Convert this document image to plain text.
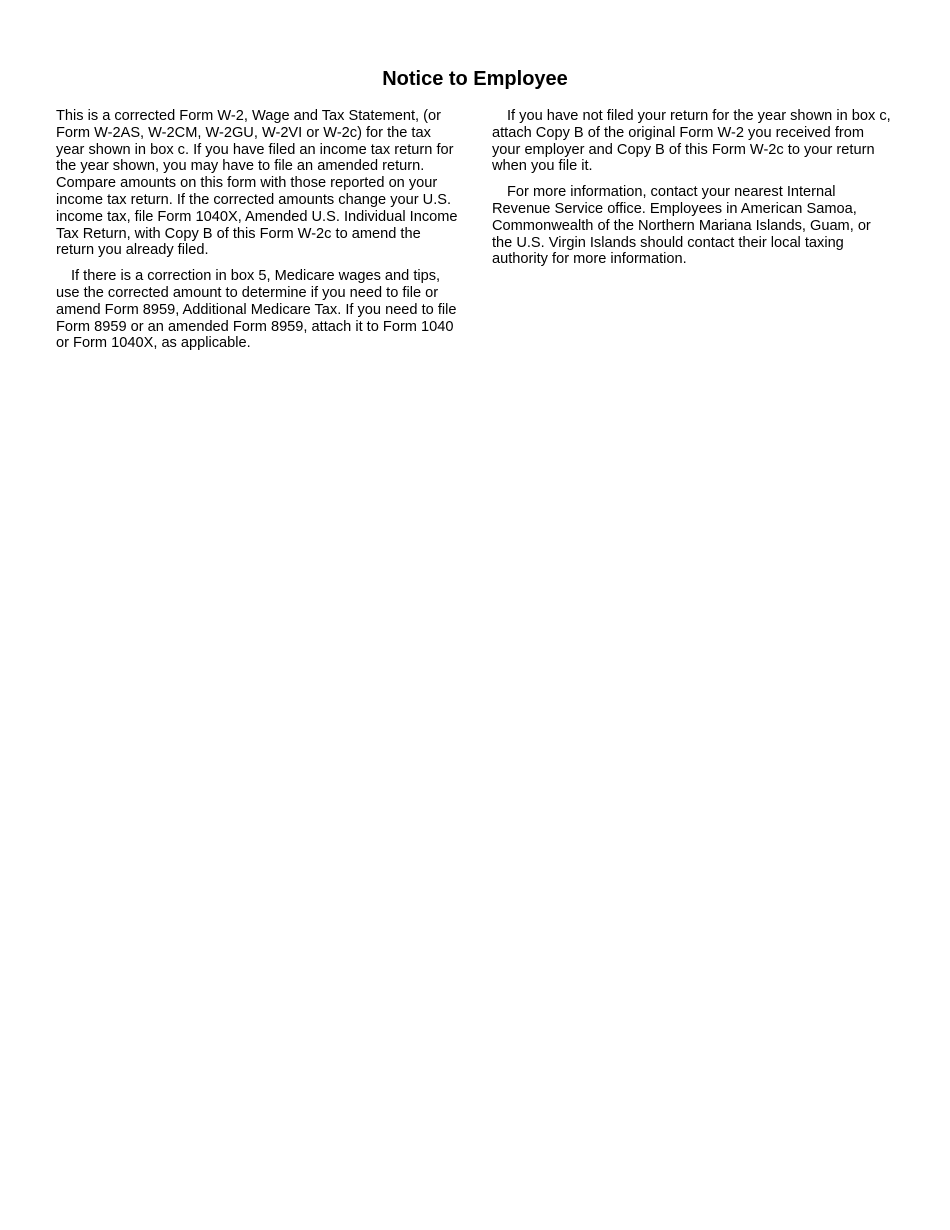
Notice to Employee

This is a corrected Form W-2, Wage and Tax Statement, (or Form W-2AS, W-2CM, W-2GU, W-2VI or W-2c) for the tax year shown in box c. If you have filed an income tax return for the year shown, you may have to file an amended return. Compare amounts on this form with those reported on your income tax return. If the corrected amounts change your U.S. income tax, file Form 1040X, Amended U.S. Individual Income Tax Return, with Copy B of this Form W-2c to amend the return you already filed.

If there is a correction in box 5, Medicare wages and tips, use the corrected amount to determine if you need to file or amend Form 8959, Additional Medicare Tax. If you need to file Form 8959 or an amended Form 8959, attach it to Form 1040 or Form 1040X, as applicable.

If you have not filed your return for the year shown in box c, attach Copy B of the original Form W-2 you received from your employer and Copy B of this Form W-2c to your return when you file it.

For more information, contact your nearest Internal Revenue Service office. Employees in American Samoa, Commonwealth of the Northern Mariana Islands, Guam, or the U.S. Virgin Islands should contact their local taxing authority for more information.
